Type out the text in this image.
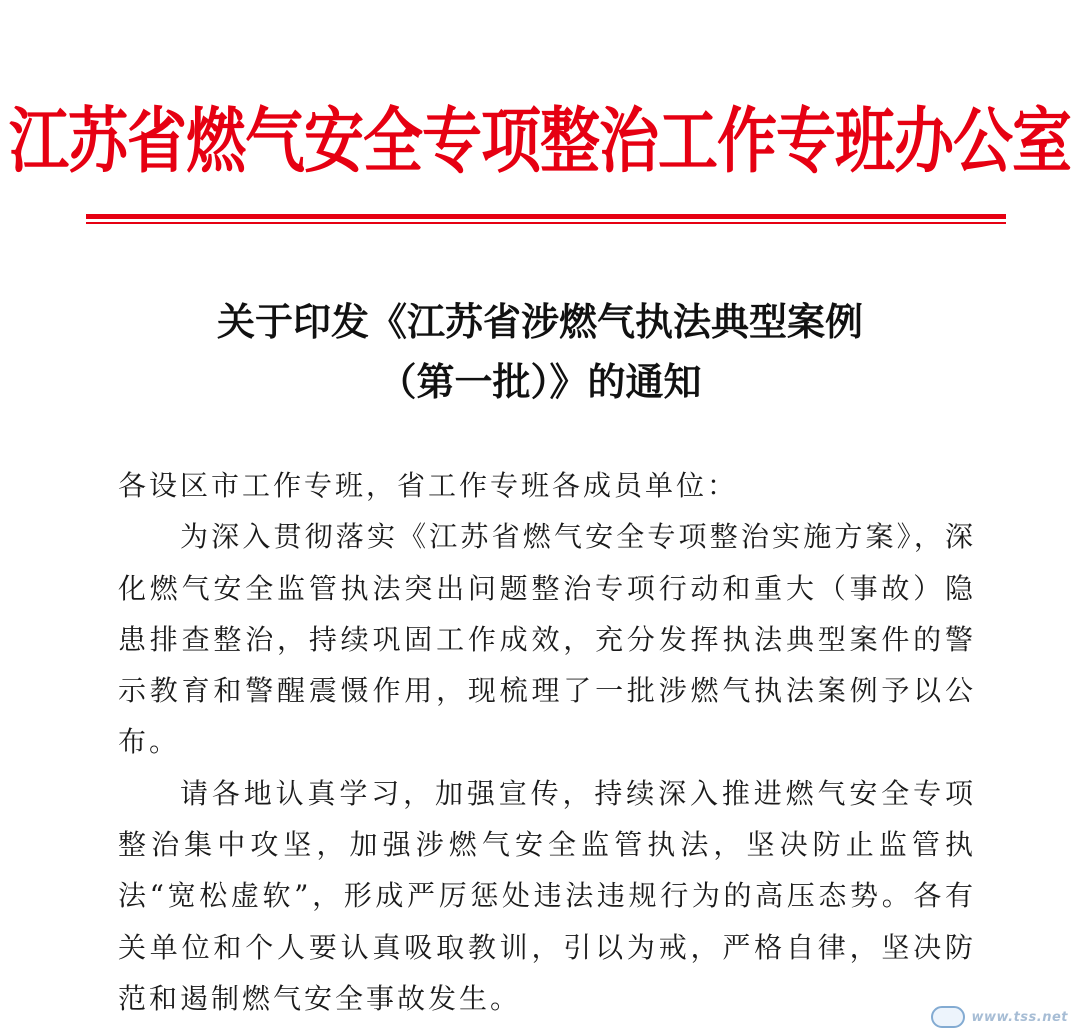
江苏省燃气安全专项整治工作专班办公室
关于印发《江苏省涉燃气执法典型案例
（第一批）》的通知

各设区市工作专班，省工作专班各成员单位：

为深入贯彻落实《江苏省燃气安全专项整治实施方案》，深化燃气安全监管执法突出问题整治专项行动和重大（事故）隐患排查整治，持续巩固工作成效，充分发挥执法典型案件的警示教育和警醒震慑作用，现梳理了一批涉燃气执法案例予以公布。

请各地认真学习，加强宣传，持续深入推进燃气安全专项整治集中攻坚，加强涉燃气安全监管执法，坚决防止监管执法“宽松虚软”，形成严厉惩处违法违规行为的高压态势。各有关单位和个人要认真吸取教训，引以为戒，严格自律，坚决防范和遏制燃气安全事故发生。

www.tss.net
